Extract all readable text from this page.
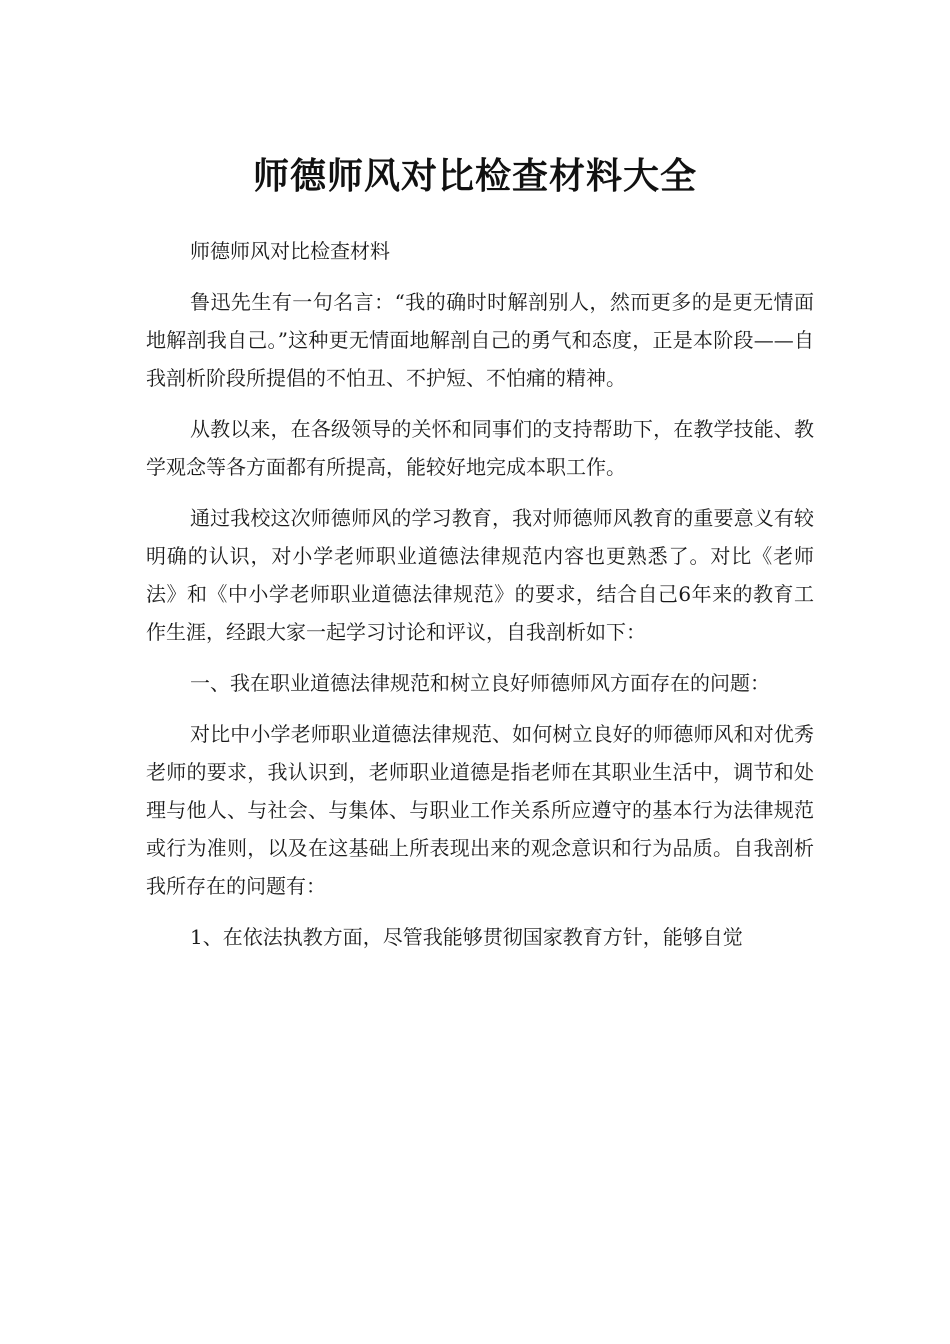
师德师风对比检查材料大全

师德师风对比检查材料

鲁迅先生有一句名言：“我的确时时解剖别人，然而更多的是更无情面地解剖我自己。”这种更无情面地解剖自己的勇气和态度，正是本阶段——自我剖析阶段所提倡的不怕丑、不护短、不怕痛的精神。

从教以来，在各级领导的关怀和同事们的支持帮助下，在教学技能、教学观念等各方面都有所提高，能较好地完成本职工作。

通过我校这次师德师风的学习教育，我对师德师风教育的重要意义有较明确的认识，对小学老师职业道德法律规范内容也更熟悉了。对比《老师法》和《中小学老师职业道德法律规范》的要求，结合自己6年来的教育工作生涯，经跟大家一起学习讨论和评议，自我剖析如下：

一、我在职业道德法律规范和树立良好师德师风方面存在的问题：

对比中小学老师职业道德法律规范、如何树立良好的师德师风和对优秀老师的要求，我认识到，老师职业道德是指老师在其职业生活中，调节和处理与他人、与社会、与集体、与职业工作关系所应遵守的基本行为法律规范或行为准则，以及在这基础上所表现出来的观念意识和行为品质。自我剖析我所存在的问题有：

1、在依法执教方面，尽管我能够贯彻国家教育方针，能够自觉
